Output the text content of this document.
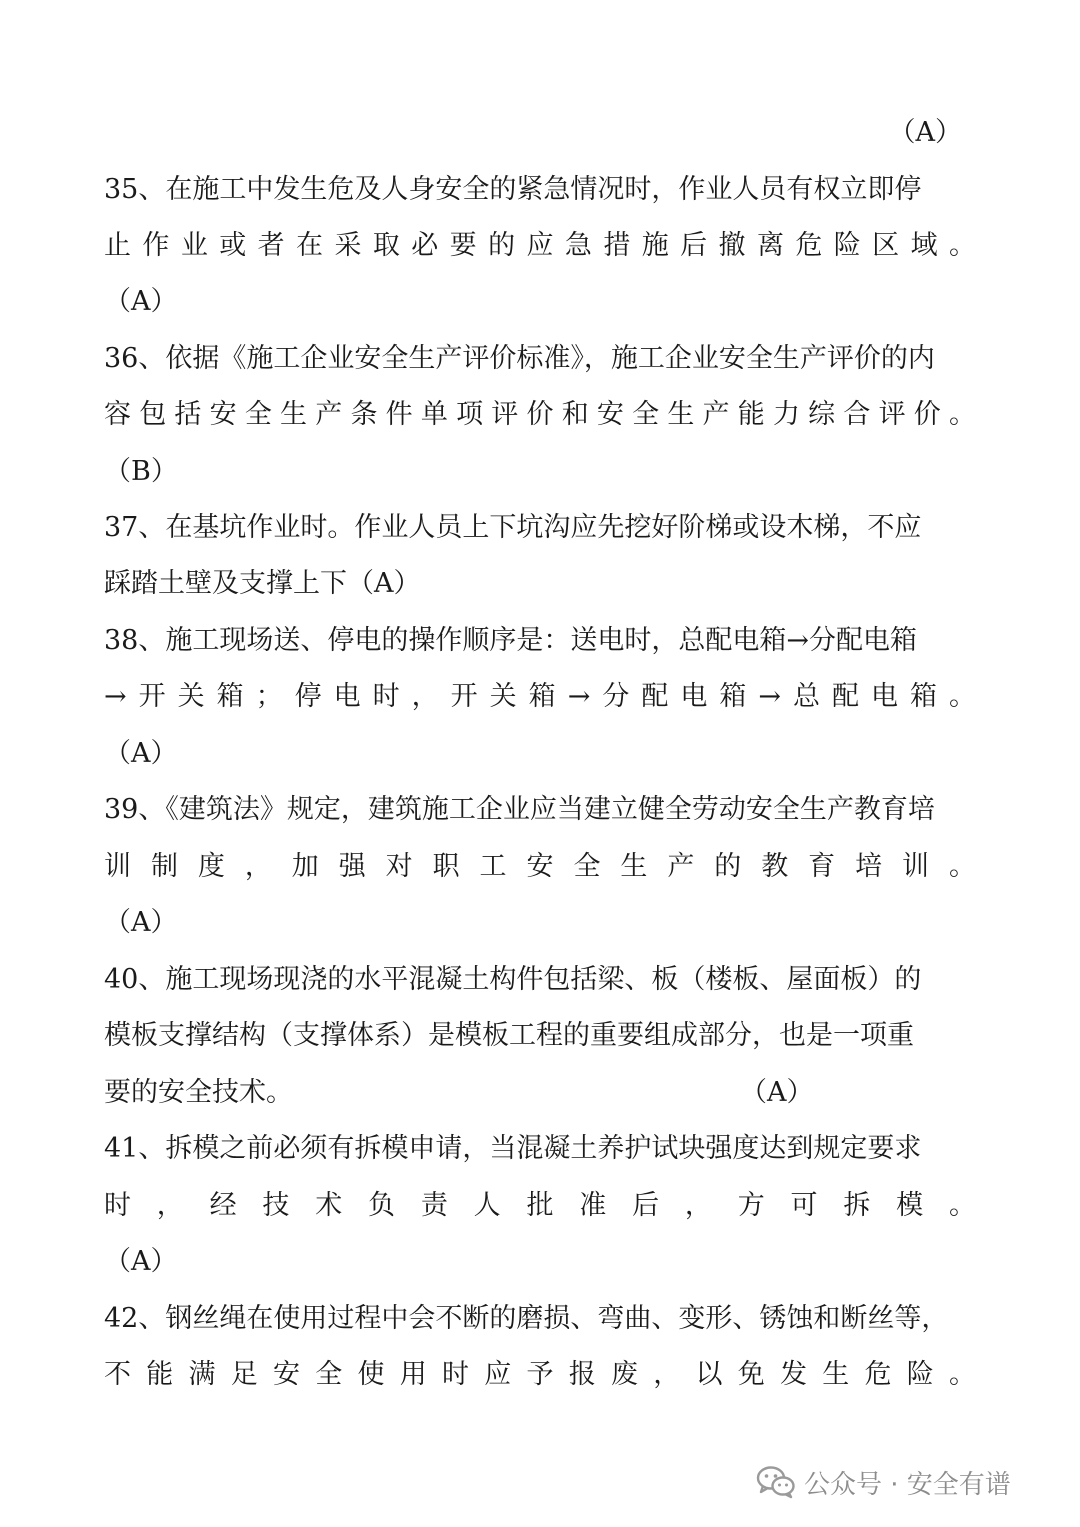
（A）
35、在施工中发生危及人身安全的紧急情况时，作业人员有权立即停
止作业或者在采取必要的应急措施后撤离危险区域。
（A）
36、依据《施工企业安全生产评价标准》，施工企业安全生产评价的内
容包括安全生产条件单项评价和安全生产能力综合评价。
（B）
37、在基坑作业时。作业人员上下坑沟应先挖好阶梯或设木梯，不应
踩踏土壁及支撑上下（A）
38、施工现场送、停电的操作顺序是：送电时，总配电箱→分配电箱
→开关箱；停电时，开关箱→分配电箱→总配电箱。
（A）
39、《建筑法》规定，建筑施工企业应当建立健全劳动安全生产教育培
训制度，加强对职工安全生产的教育培训。
（A）
40、施工现场现浇的水平混凝土构件包括梁、板（楼板、屋面板）的
模板支撑结构（支撑体系）是模板工程的重要组成部分，也是一项重
要的安全技术。	（A）
41、拆模之前必须有拆模申请，当混凝土养护试块强度达到规定要求
时，经技术负责人批准后，方可拆模。
（A）
42、钢丝绳在使用过程中会不断的磨损、弯曲、变形、锈蚀和断丝等，
不能满足安全使用时应予报废，以免发生危险。
公众号 · 安全有谱
